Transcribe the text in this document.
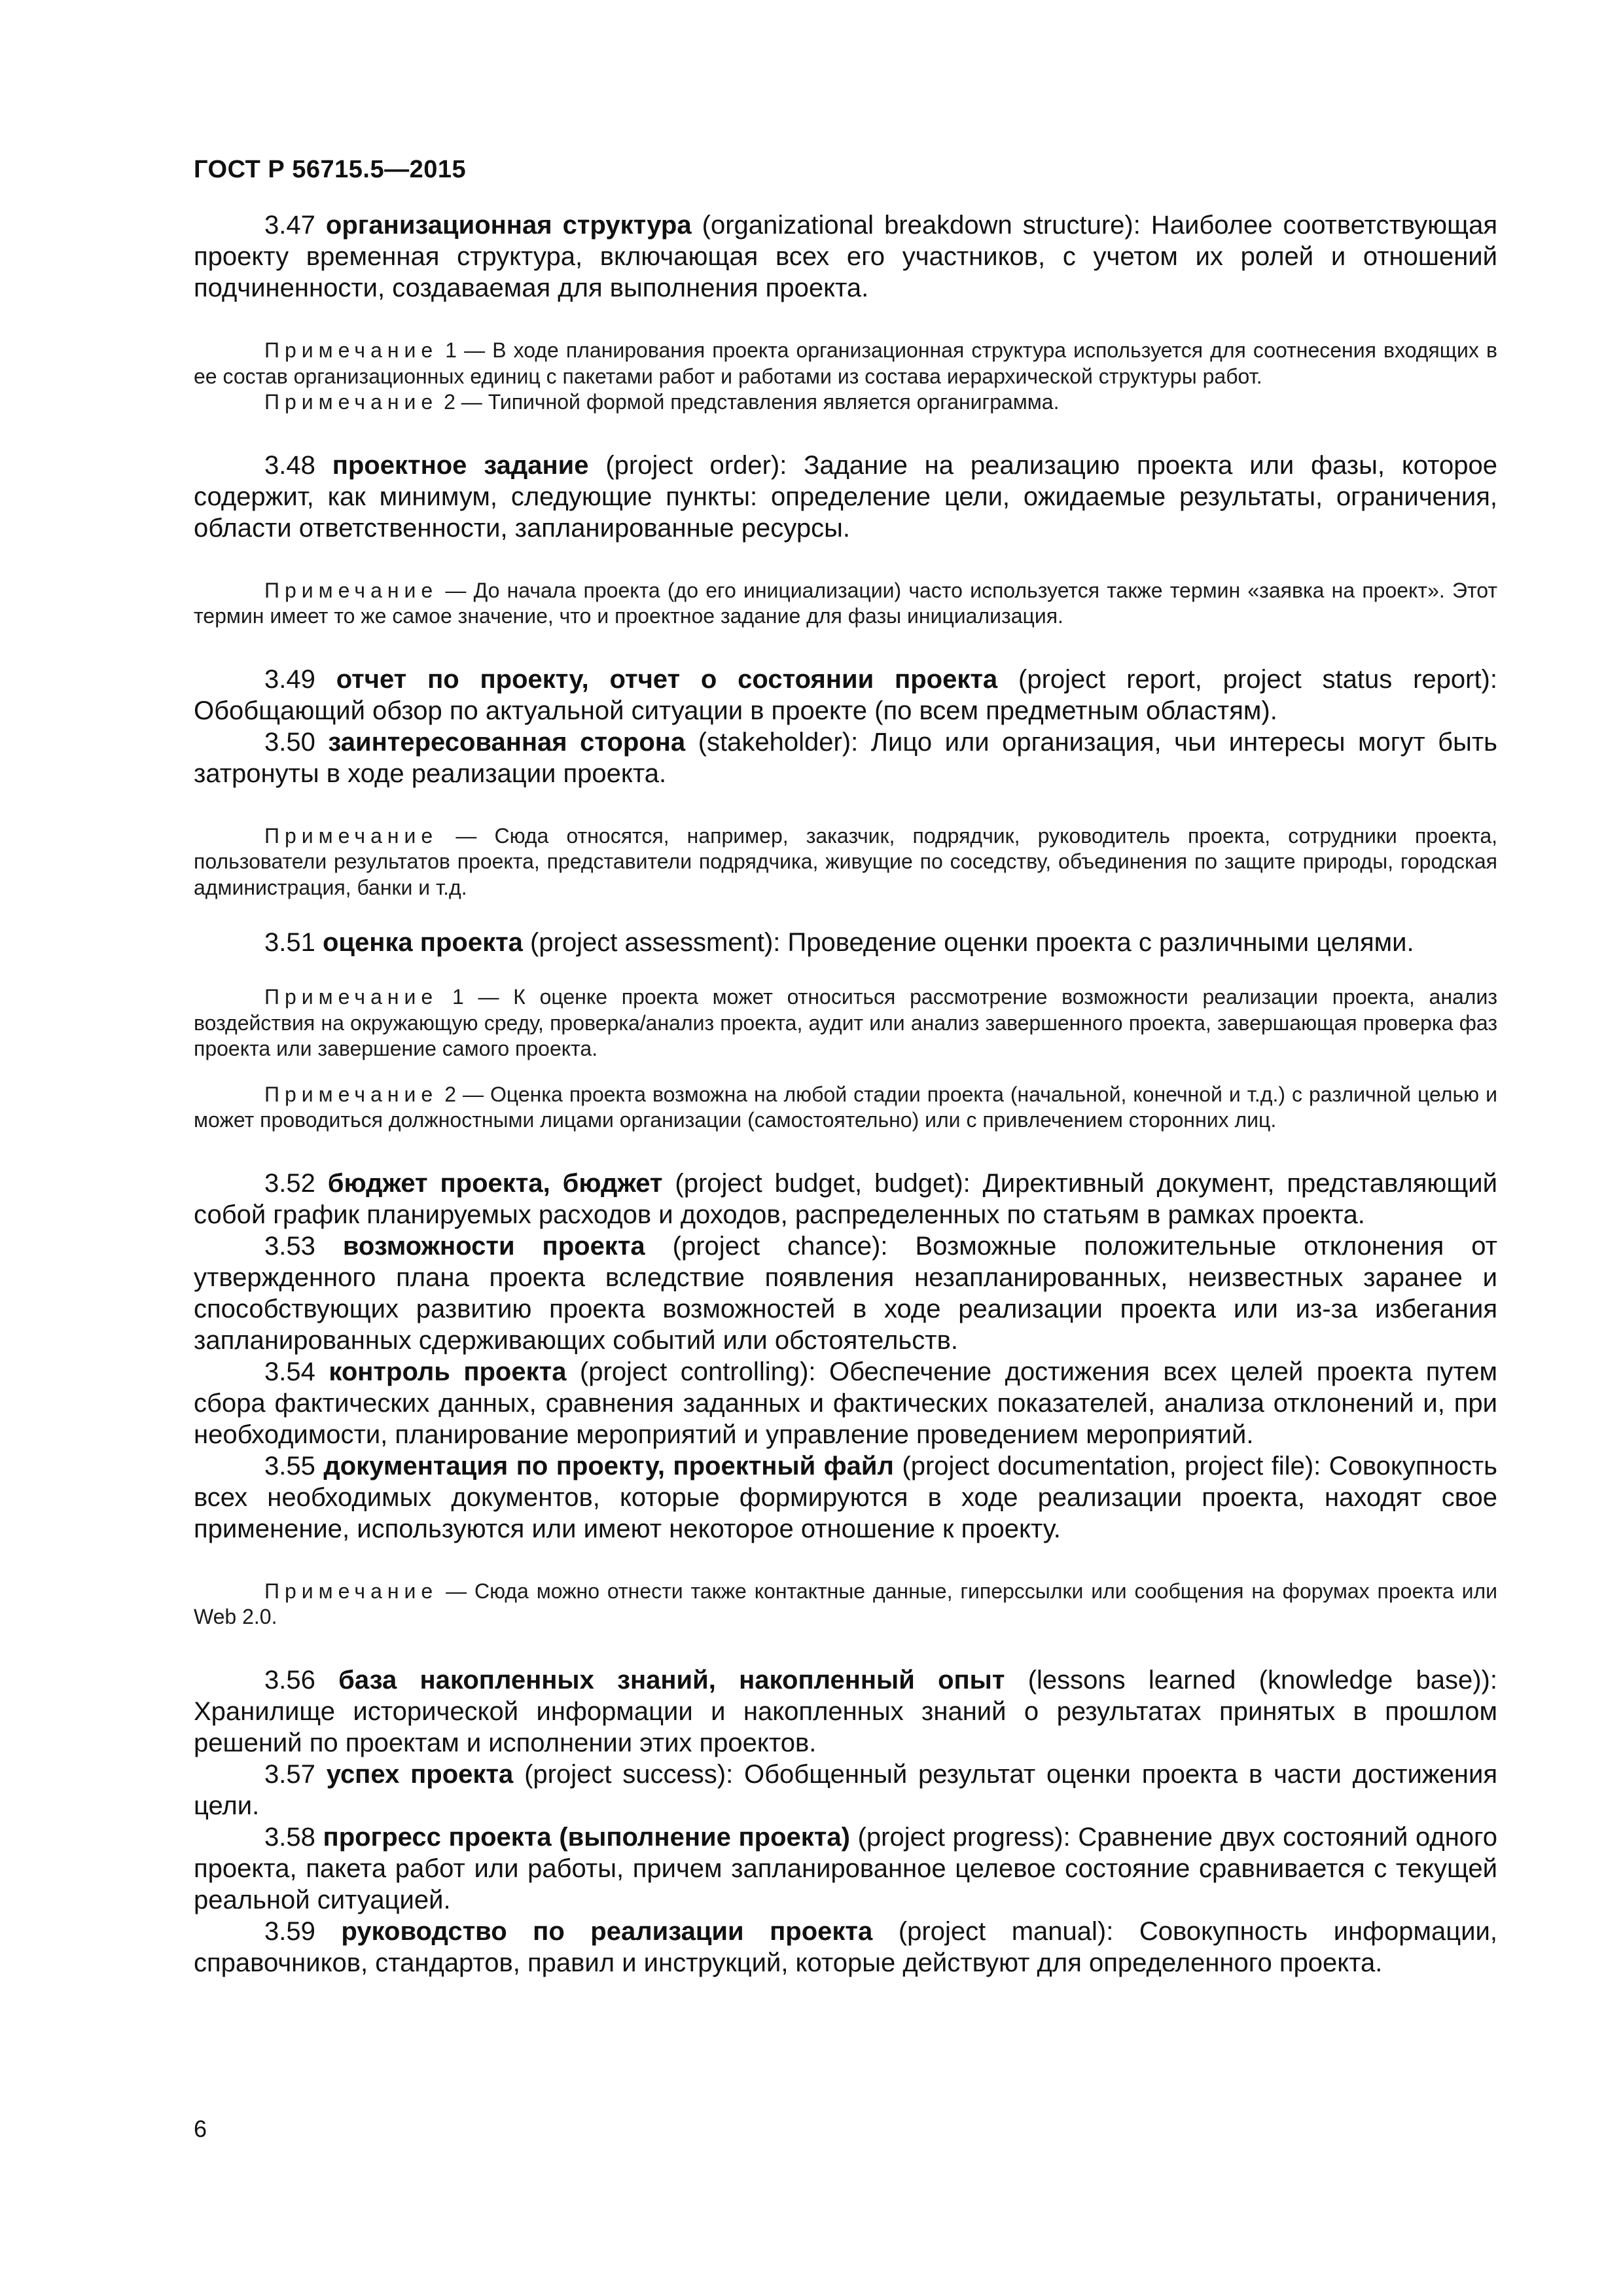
ГОСТ Р 56715.5—2015

3.47 организационная структура (organizational breakdown structure): Наиболее соответствующая проекту временная структура, включающая всех его участников, с учетом их ролей и отношений подчиненности, создаваемая для выполнения проекта.

Примечание 1 — В ходе планирования проекта организационная структура используется для соотнесения входящих в ее состав организационных единиц с пакетами работ и работами из состава иерархической структуры работ.

Примечание 2 — Типичной формой представления является органиграмма.

3.48 проектное задание (project order): Задание на реализацию проекта или фазы, которое содержит, как минимум, следующие пункты: определение цели, ожидаемые результаты, ограничения, области ответственности, запланированные ресурсы.

Примечание — До начала проекта (до его инициализации) часто используется также термин «заявка на проект». Этот термин имеет то же самое значение, что и проектное задание для фазы инициализация.

3.49 отчет по проекту, отчет о состоянии проекта (project report, project status report): Обобщающий обзор по актуальной ситуации в проекте (по всем предметным областям).

3.50 заинтересованная сторона (stakeholder): Лицо или организация, чьи интересы могут быть затронуты в ходе реализации проекта.

Примечание — Сюда относятся, например, заказчик, подрядчик, руководитель проекта, сотрудники проекта, пользователи результатов проекта, представители подрядчика, живущие по соседству, объединения по защите природы, городская администрация, банки и т.д.

3.51 оценка проекта (project assessment): Проведение оценки проекта с различными целями.

Примечание 1 — К оценке проекта может относиться рассмотрение возможности реализации проекта, анализ воздействия на окружающую среду, проверка/анализ проекта, аудит или анализ завершенного проекта, завершающая проверка фаз проекта или завершение самого проекта.

Примечание 2 — Оценка проекта возможна на любой стадии проекта (начальной, конечной и т.д.) с различной целью и может проводиться должностными лицами организации (самостоятельно) или с привлечением сторонних лиц.

3.52 бюджет проекта, бюджет (project budget, budget): Директивный документ, представляющий собой график планируемых расходов и доходов, распределенных по статьям в рамках проекта.

3.53 возможности проекта (project chance): Возможные положительные отклонения от утвержденного плана проекта вследствие появления незапланированных, неизвестных заранее и способствующих развитию проекта возможностей в ходе реализации проекта или из-за избегания запланированных сдерживающих событий или обстоятельств.

3.54 контроль проекта (project controlling): Обеспечение достижения всех целей проекта путем сбора фактических данных, сравнения заданных и фактических показателей, анализа отклонений и, при необходимости, планирование мероприятий и управление проведением мероприятий.

3.55 документация по проекту, проектный файл (project documentation, project file): Совокупность всех необходимых документов, которые формируются в ходе реализации проекта, находят свое применение, используются или имеют некоторое отношение к проекту.

Примечание — Сюда можно отнести также контактные данные, гиперссылки или сообщения на форумах проекта или Web 2.0.

3.56 база накопленных знаний, накопленный опыт (lessons learned (knowledge base)): Хранилище исторической информации и накопленных знаний о результатах принятых в прошлом решений по проектам и исполнении этих проектов.

3.57 успех проекта (project success): Обобщенный результат оценки проекта в части достижения цели.

3.58 прогресс проекта (выполнение проекта) (project progress): Сравнение двух состояний одного проекта, пакета работ или работы, причем запланированное целевое состояние сравнивается с текущей реальной ситуацией.

3.59 руководство по реализации проекта (project manual): Совокупность информации, справочников, стандартов, правил и инструкций, которые действуют для определенного проекта.

6
